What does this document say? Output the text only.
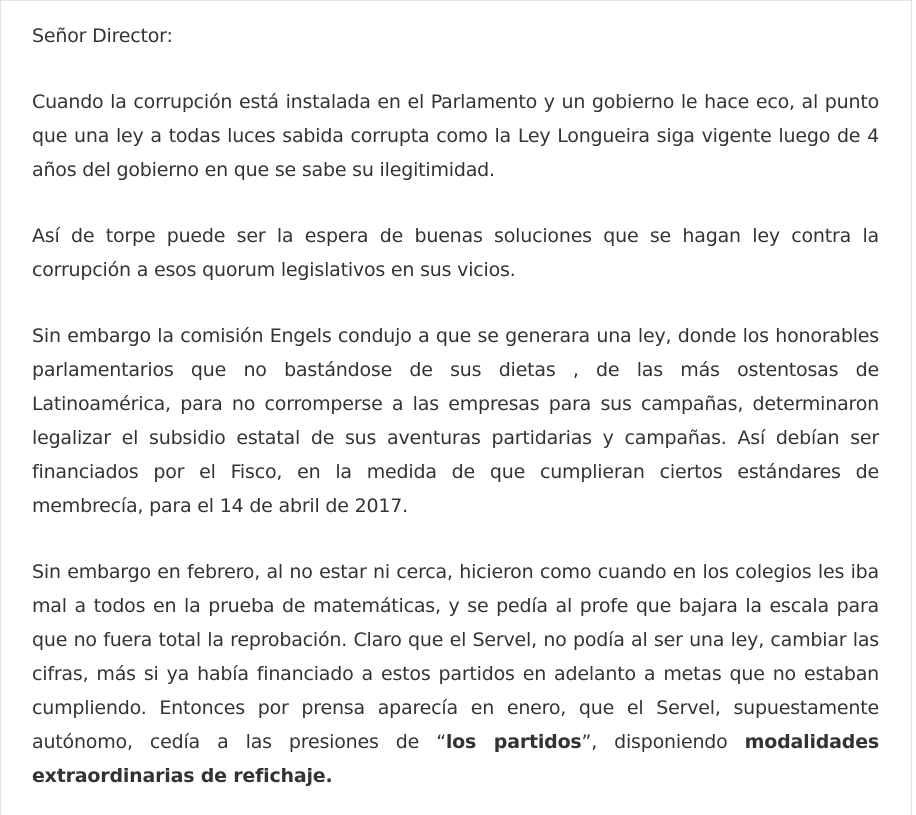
Señor Director:

Cuando la corrupción está instalada en el Parlamento y un gobierno le hace eco, al punto que una ley a todas luces sabida corrupta como la Ley Longueira siga vigente luego de 4 años del gobierno en que se sabe su ilegitimidad.

Así de torpe puede ser la espera de buenas soluciones que se hagan ley contra la corrupción a esos quorum legislativos en sus vicios.

Sin embargo la comisión Engels condujo a que se generara una ley, donde los honorables parlamentarios que no bastándose de sus dietas , de las más ostentosas de Latinoamérica, para no corromperse a las empresas para sus campañas, determinaron legalizar el subsidio estatal de sus aventuras partidarias y campañas. Así debían ser financiados por el Fisco, en la medida de que cumplieran ciertos estándares de membrecía, para el 14 de abril de 2017.

Sin embargo en febrero, al no estar ni cerca, hicieron como cuando en los colegios les iba mal a todos en la prueba de matemáticas, y se pedía al profe que bajara la escala para que no fuera total la reprobación. Claro que el Servel, no podía al ser una ley, cambiar las cifras, más si ya había financiado a estos partidos en adelanto a metas que no estaban cumpliendo. Entonces por prensa aparecía en enero, que el Servel, supuestamente autónomo, cedía a las presiones de “los partidos”, disponiendo modalidades extraordinarias de refichaje.
